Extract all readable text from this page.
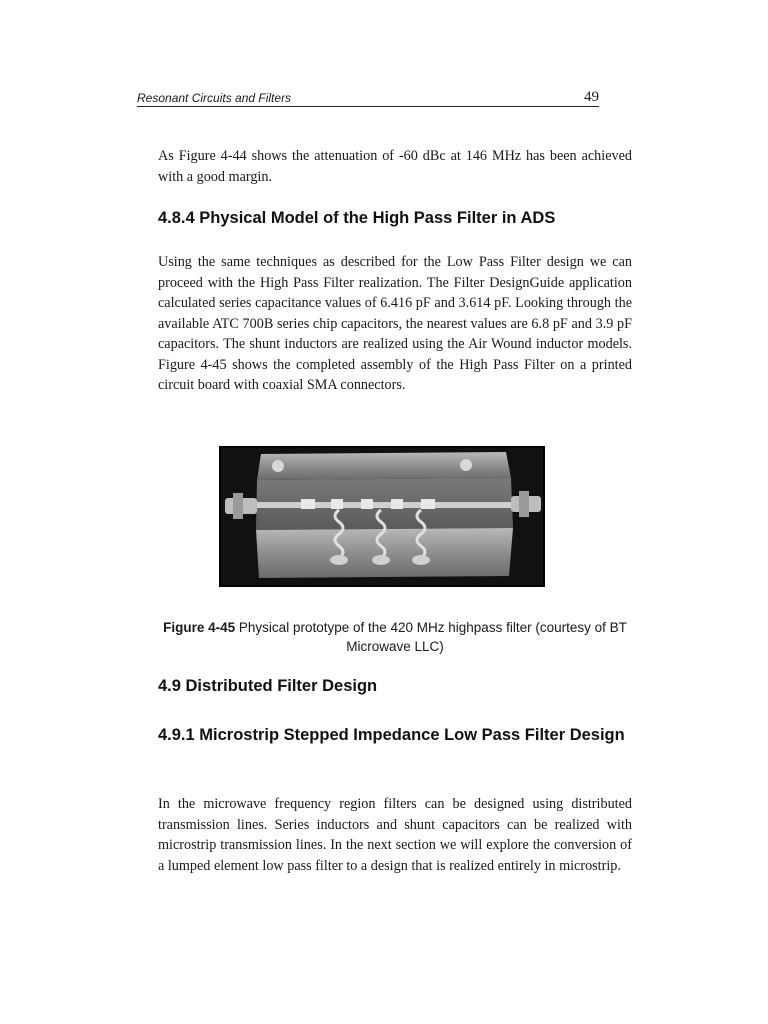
Resonant Circuits and Filters	49

As Figure 4-44 shows the attenuation of -60 dBc at 146 MHz has been achieved with a good margin.

4.8.4 Physical Model of the High Pass Filter in ADS

Using the same techniques as described for the Low Pass Filter design we can proceed with the High Pass Filter realization. The Filter DesignGuide application calculated series capacitance values of 6.416 pF and 3.614 pF. Looking through the available ATC 700B series chip capacitors, the nearest values are 6.8 pF and 3.9 pF capacitors. The shunt inductors are realized using the Air Wound inductor models. Figure 4-45 shows the completed assembly of the High Pass Filter on a printed circuit board with coaxial SMA connectors.

Figure 4-45 Physical prototype of the 420 MHz highpass filter (courtesy of BT Microwave LLC)

4.9 Distributed Filter Design
4.9.1 Microstrip Stepped Impedance Low Pass Filter Design

In the microwave frequency region filters can be designed using distributed transmission lines. Series inductors and shunt capacitors can be realized with microstrip transmission lines. In the next section we will explore the conversion of a lumped element low pass filter to a design that is realized entirely in microstrip.
